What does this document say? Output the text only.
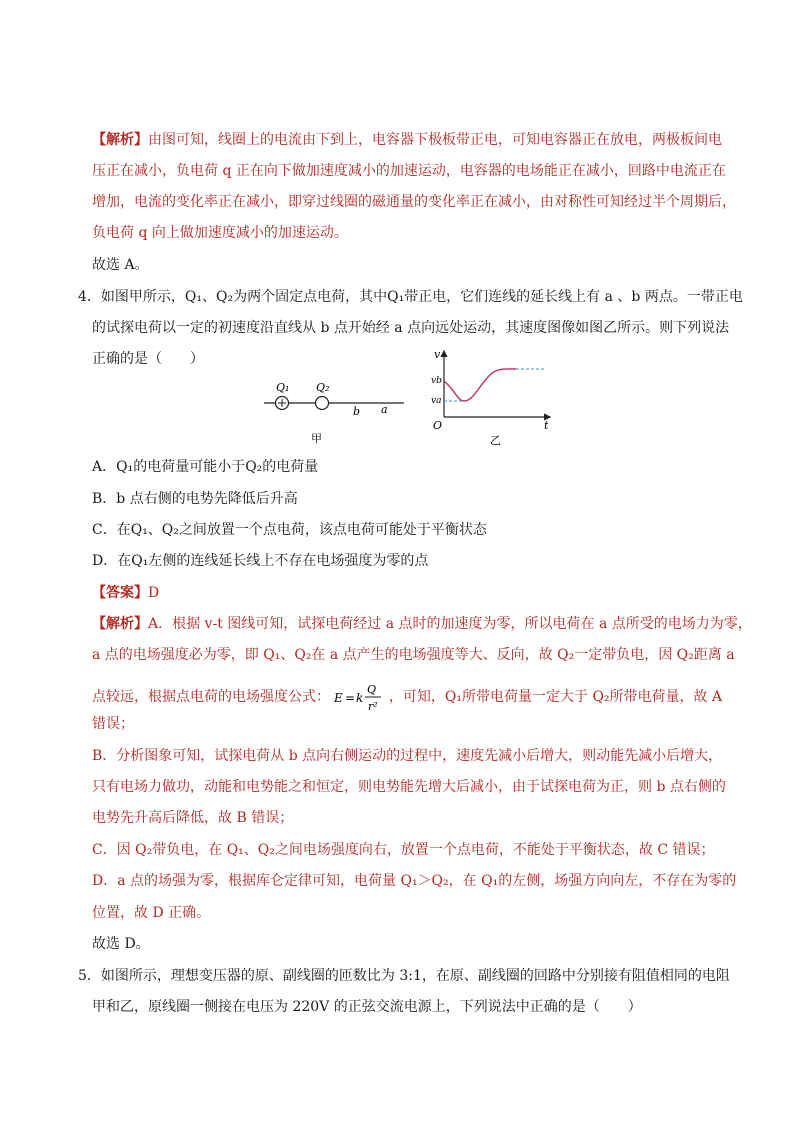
【解析】由图可知，线圈上的电流由下到上，电容器下极板带正电，可知电容器正在放电，两极板间电
压正在减小，负电荷 q 正在向下做加速度减小的加速运动，电容器的电场能正在减小，回路中电流正在
增加，电流的变化率正在减小，即穿过线圈的磁通量的变化率正在减小，由对称性可知经过半个周期后，
负电荷 q 向上做加速度减小的加速运动。
故选 A。
4．如图甲所示，Q₁、Q₂为两个固定点电荷，其中Q₁带正电，它们连线的延长线上有 a 、b 两点。一带正电
的试探电荷以一定的初速度沿直线从 b 点开始经 a 点向远处运动，其速度图像如图乙所示。则下列说法
正确的是（　　）
Q₁ Q₂
b a
甲
v
vb
va
O	t
乙
A．Q₁的电荷量可能小于Q₂的电荷量
B．b 点右侧的电势先降低后升高
C．在Q₁、Q₂之间放置一个点电荷，该点电荷可能处于平衡状态
D．在Q₁左侧的连线延长线上不存在电场强度为零的点
【答案】D
【解析】A．根据 v-t 图线可知，试探电荷经过 a 点时的加速度为零，所以电荷在 a 点所受的电场力为零，
a 点的电场强度必为零，即 Q₁、Q₂在 a 点产生的电场强度等大、反向，故 Q₂一定带负电，因 Q₂距离 a
点较远，根据点电荷的电场强度公式： E = k
Q
r²
，可知，Q₁所带电荷量一定大于 Q₂所带电荷量，故 A
错误；
B．分析图象可知，试探电荷从 b 点向右侧运动的过程中，速度先减小后增大，则动能先减小后增大，
只有电场力做功，动能和电势能之和恒定，则电势能先增大后减小，由于试探电荷为正，则 b 点右侧的
电势先升高后降低，故 B 错误；
C．因 Q₂带负电，在 Q₁、Q₂之间电场强度向右，放置一个点电荷，不能处于平衡状态，故 C 错误；
D．a 点的场强为零，根据库仑定律可知，电荷量 Q₁＞Q₂，在 Q₁的左侧，场强方向向左，不存在为零的
位置，故 D 正确。
故选 D。
5．如图所示，理想变压器的原、副线圈的匝数比为 3:1，在原、副线圈的回路中分别接有阻值相同的电阻
甲和乙，原线圈一侧接在电压为 220V 的正弦交流电源上，下列说法中正确的是（　　）
